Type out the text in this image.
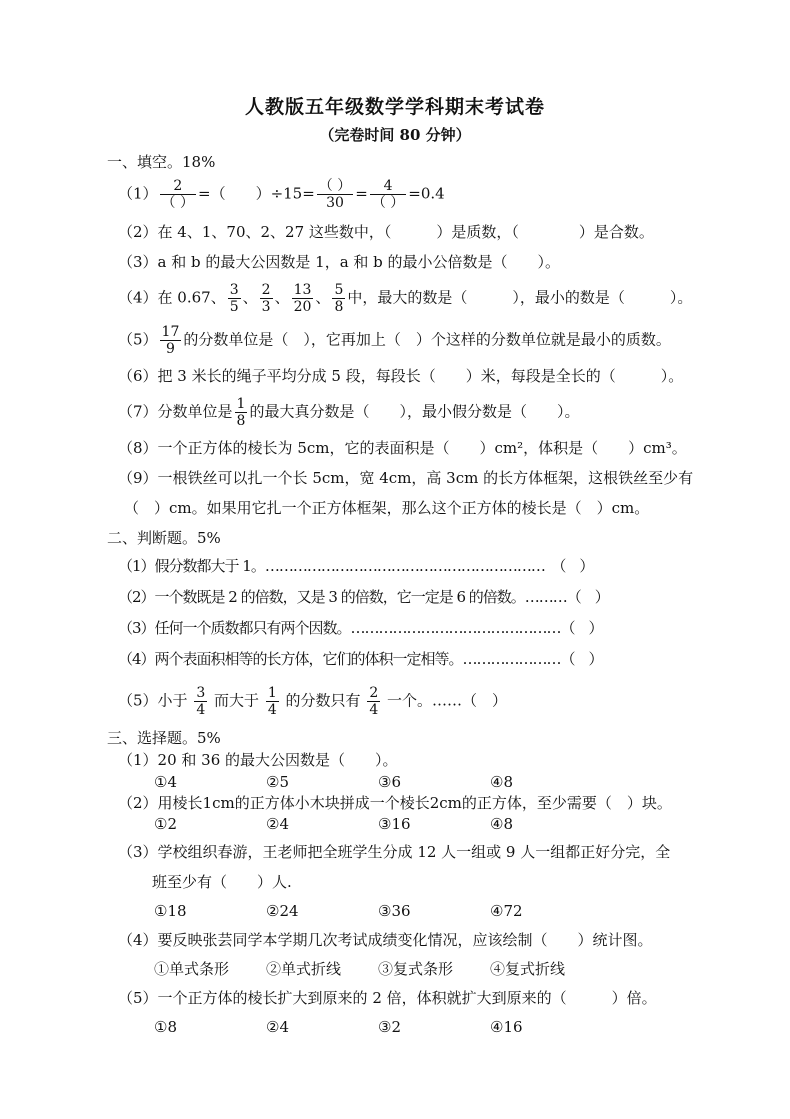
人教版五年级数学学科期末考试卷
（完卷时间 80 分钟）
一、填空。18%
$(1) \frac{2}{( )}$ =（　　）$\div 15= \frac{( )}{30} = \frac{4}{( )} =0.4$
（2）在 4、1、70、2、27 这些数中，（　　　）是质数，（　　　　）是合数。
（3）a 和 b 的最大公因数是 1，a 和 b 的最小公倍数是（　　）。
（4）在 0.67、 $\frac{3}{5}$ 、 $\frac{2}{3}$ 、 $\frac{13}{20}$ 、 $\frac{5}{8}$ 中，最大的数是（　　　），最小的数是（　　　）。
$(5) \frac{17}{9}$ 的分数单位是（　），它再加上（　）个这样的分数单位就是最小的质数。
（6）把 3 米长的绳子平均分成 5 段，每段长（　　）米，每段是全长的（　　　）。
（7）分数单位是 $\frac{1}{8}$ 的最大真分数是（　　），最小假分数是（　　）。
（8）一个正方体的棱长为 5cm，它的表面积是（　　）cm²，体积是（　　）cm³。
（9）一根铁丝可以扎一个长 5cm，宽 4cm，高 3cm 的长方体框架，这根铁丝至少有
（　）cm。如果用它扎一个正方体框架，那么这个正方体的棱长是（　）cm。
二、判断题。5%
（1）假分数都大于 1。……………………………………………………　（　）
（2）一个数既是 2 的倍数，又是 3 的倍数，它一定是 6 的倍数。………（　）
（3）任何一个质数都只有两个因数。………………………………………（　）
（4）两个表面积相等的长方体，它们的体积一定相等。…………………（　）
（5）小于 $\frac{3}{4}$ 而大于 $\frac{1}{4}$ 的分数只有 $\frac{2}{4}$ 一个。……（　）
三、选择题。5%
（1）20 和 36 的最大公因数是（　　）。
①4	②5	③6	④8
（2）用棱长1cm的正方体小木块拼成一个棱长2cm的正方体，至少需要（　）块。
①2	②4	③16	④8
（3）学校组织春游，王老师把全班学生分成 12 人一组或 9 人一组都正好分完，全
班至少有（　　）人.
①18	②24	③36	④72
（4）要反映张芸同学本学期几次考试成绩变化情况，应该绘制（　　）统计图。
①单式条形 ②单式折线 ③复式条形 ④复式折线
（5）一个正方体的棱长扩大到原来的 2 倍，体积就扩大到原来的（　　　）倍。
①8	②4	③2	④16
